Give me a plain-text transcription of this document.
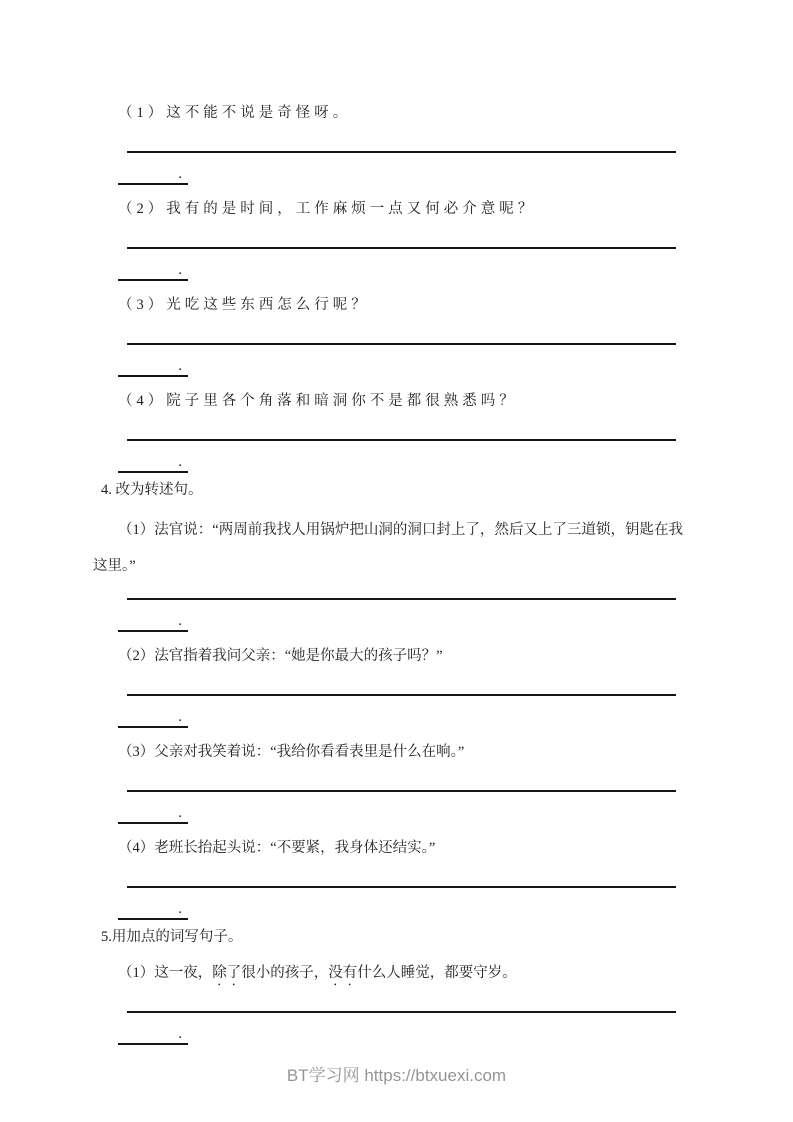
（1）这不能不说是奇怪呀。

.

（2）我有的是时间，工作麻烦一点又何必介意呢？

.

（3）光吃这些东西怎么行呢？

.

（4）院子里各个角落和暗洞你不是都很熟悉吗？

.

4. 改为转述句。

（1）法官说：“两周前我找人用锅炉把山洞的洞口封上了，然后又上了三道锁，钥匙在我这里。”

.

（2）法官指着我问父亲：“她是你最大的孩子吗？”

.

（3）父亲对我笑着说：“我给你看看表里是什么在响。”

.

（4）老班长抬起头说：“不要紧，我身体还结实。”

.

5.用加点的词写句子。

（1）这一夜，除了很小的孩子，没有什么人睡觉，都要守岁。

.
BT学习网 https://btxuexi.com
